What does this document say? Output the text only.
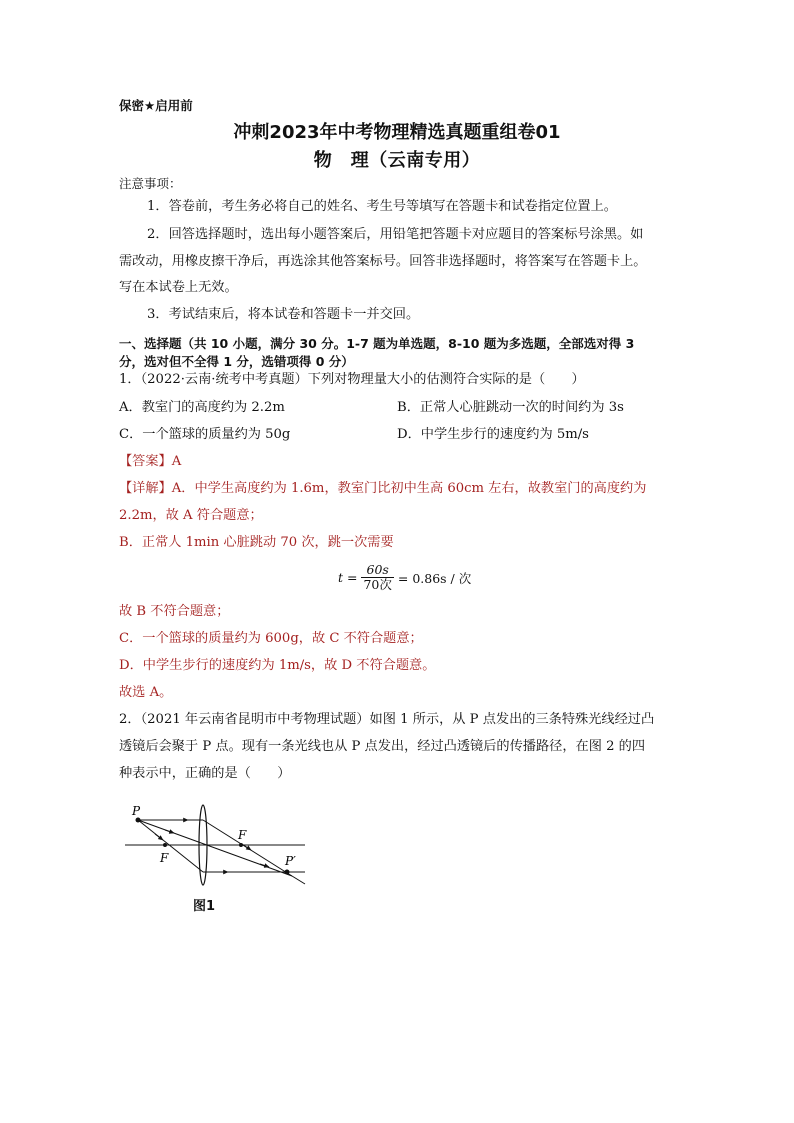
保密★启用前
冲刺2023年中考物理精选真题重组卷01
物　理（云南专用）
注意事项：
1．答卷前，考生务必将自己的姓名、考生号等填写在答题卡和试卷指定位置上。
2．回答选择题时，选出每小题答案后，用铅笔把答题卡对应题目的答案标号涂黑。如
需改动，用橡皮擦干净后，再选涂其他答案标号。回答非选择题时，将答案写在答题卡上。
写在本试卷上无效。
3．考试结束后，将本试卷和答题卡一并交回。
一、选择题（共 10 小题，满分 30 分。1-7 题为单选题，8-10 题为多选题，全部选对得 3
分，选对但不全得 1 分，选错项得 0 分）
1．（2022·云南·统考中考真题）下列对物理量大小的估测符合实际的是（　　）
A．教室门的高度约为 2.2m	B．正常人心脏跳动一次的时间约为 3s
C．一个篮球的质量约为 50g	D．中学生步行的速度约为 5m/s
【答案】A
【详解】A．中学生高度约为 1.6m，教室门比初中生高 60cm 左右，故教室门的高度约为
2.2m，故 A 符合题意；
B．正常人 1min 心脏跳动 70 次，跳一次需要
$t = \frac{60s}{\text{70次}} = 0.86s$ / 次
故 B 不符合题意；
C．一个篮球的质量约为 600g，故 C 不符合题意；
D．中学生步行的速度约为 1m/s，故 D 不符合题意。
故选 A。
2．（2021 年云南省昆明市中考物理试题）如图 1 所示，从 P 点发出的三条特殊光线经过凸
透镜后会聚于 P 点。现有一条光线也从 P 点发出，经过凸透镜后的传播路径，在图 2 的四
种表示中，正确的是（　　）
P
F
F
P′
图1
